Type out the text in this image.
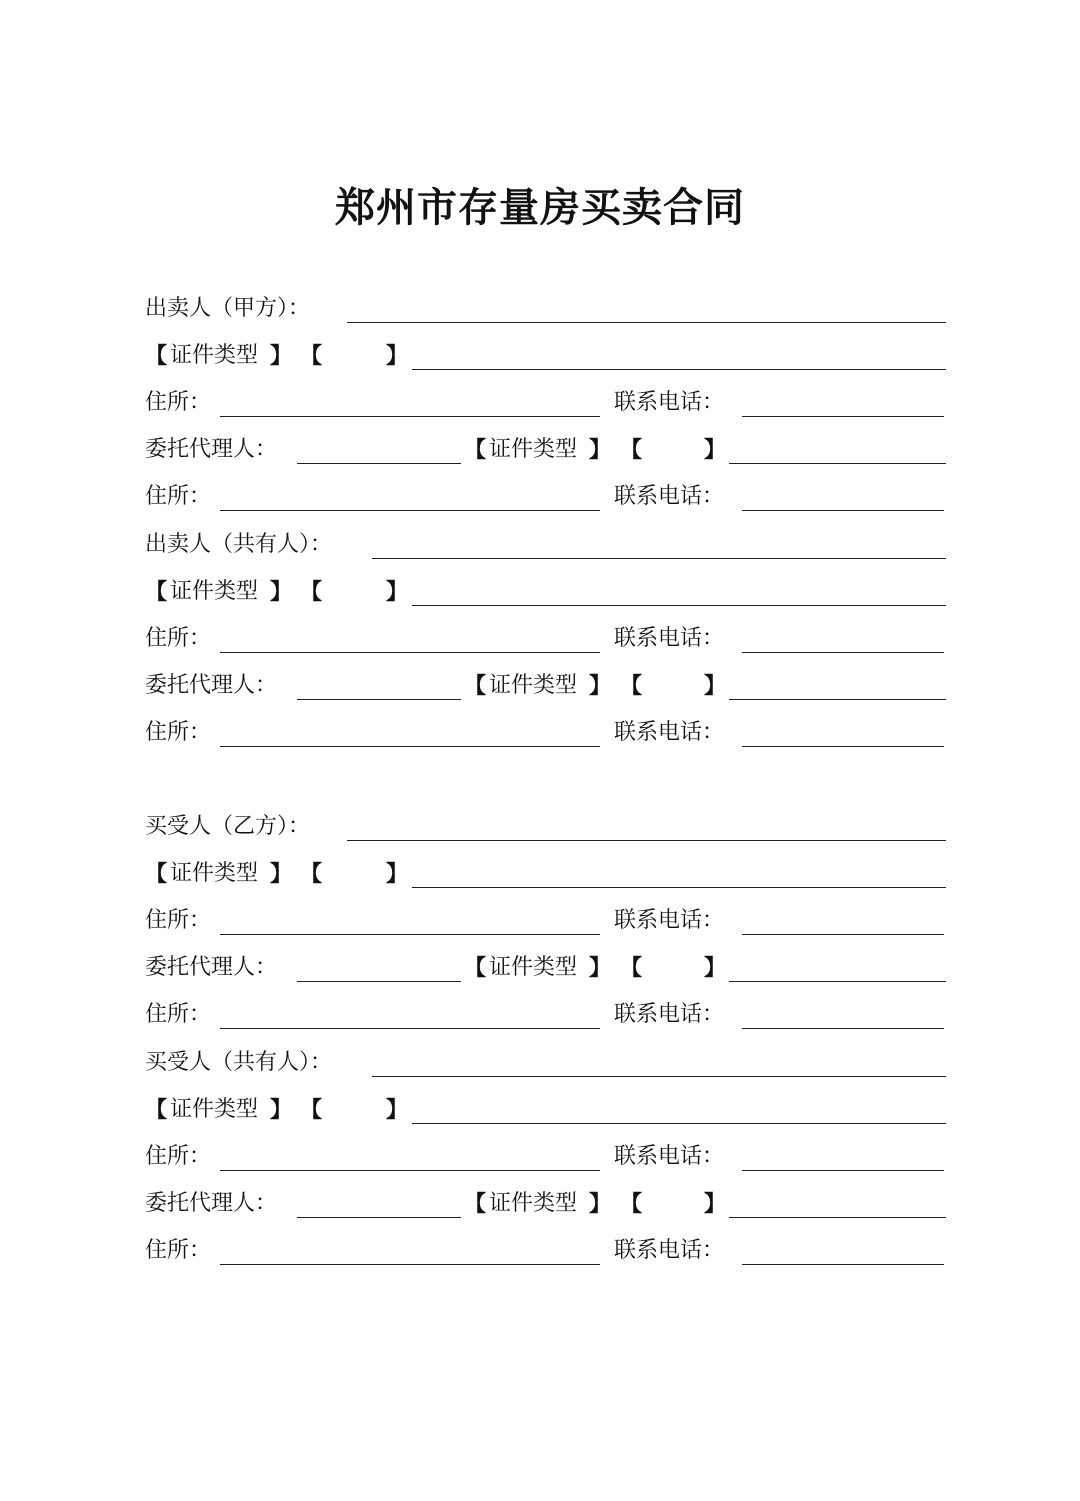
郑州市存量房买卖合同
出卖人（甲方）：
【 证件类型 】 【	】
住所：	联系电话：
委托代理人：	【 证件类型 】 【	】
住所：	联系电话：
出卖人（共有人）：
【 证件类型 】 【	】
住所：	联系电话：
委托代理人：	【 证件类型 】 【	】
住所：	联系电话：
买受人（乙方）：
【 证件类型 】 【	】
住所：	联系电话：
委托代理人：	【 证件类型 】 【	】
住所：	联系电话：
买受人（共有人）：
【 证件类型 】 【	】
住所：	联系电话：
委托代理人：	【 证件类型 】 【	】
住所：	联系电话：
